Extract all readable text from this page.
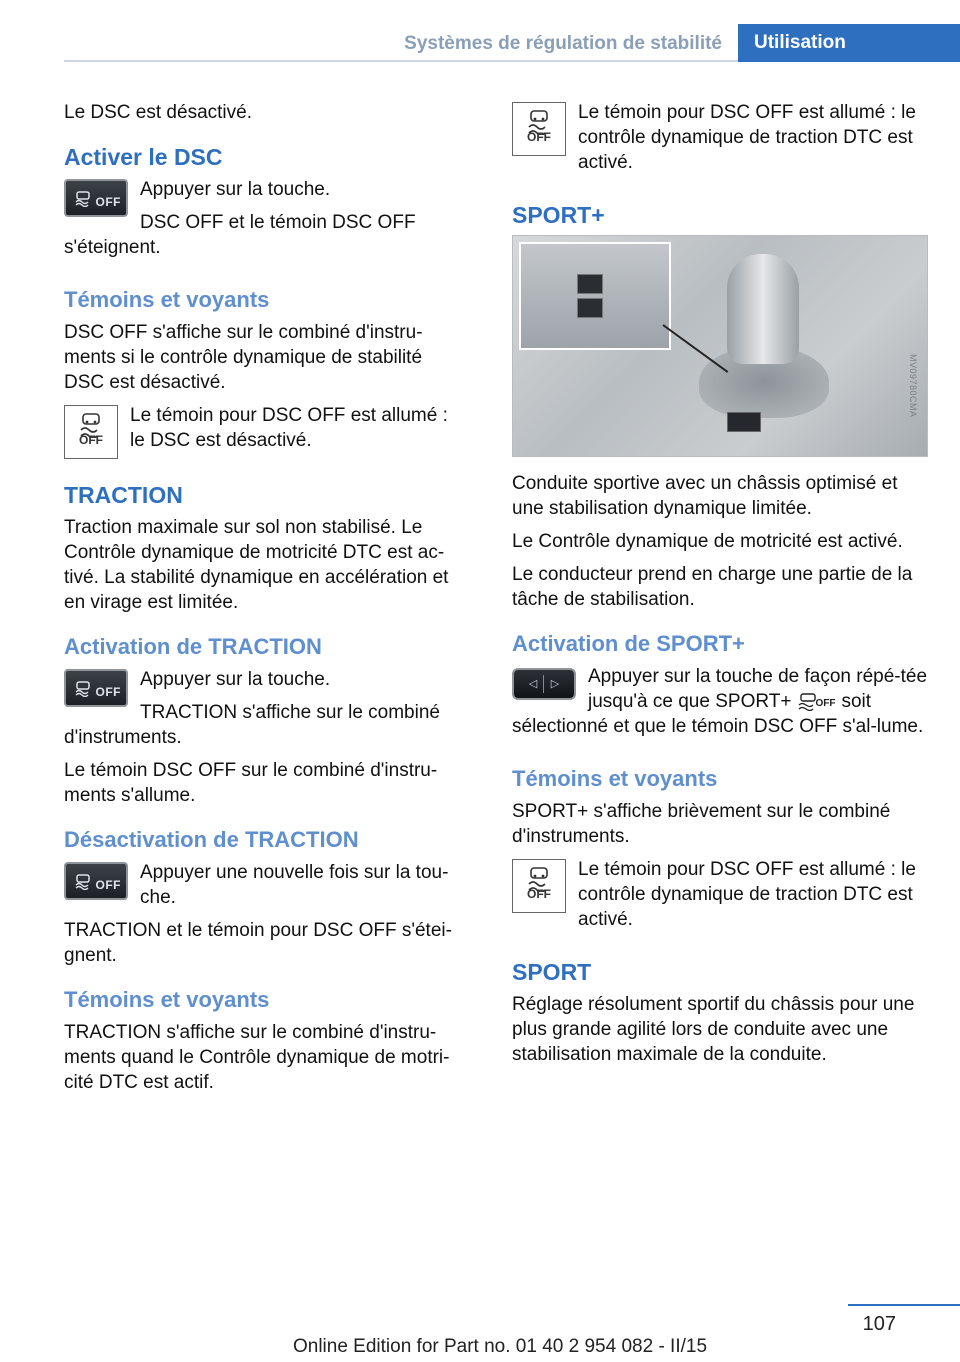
Systèmes de régulation de stabilité	Utilisation

Le DSC est désactivé.

Activer le DSC
OFF

Appuyer sur la touche.

DSC OFF et le témoin DSC OFF s'éteignent.

Témoins et voyants

DSC OFF s'affiche sur le combiné d'instru-ments si le contrôle dynamique de stabilité DSC est désactivé.

OFF

Le témoin pour DSC OFF est allumé : le DSC est désactivé.

TRACTION

Traction maximale sur sol non stabilisé. Le Contrôle dynamique de motricité DTC est ac-tivé. La stabilité dynamique en accélération et en virage est limitée.

Activation de TRACTION
OFF

Appuyer sur la touche.

TRACTION s'affiche sur le combiné d'instruments.

Le témoin DSC OFF sur le combiné d'instru-ments s'allume.

Désactivation de TRACTION
OFF

Appuyer une nouvelle fois sur la tou-che.

TRACTION et le témoin pour DSC OFF s'étei-gnent.

Témoins et voyants

TRACTION s'affiche sur le combiné d'instru-ments quand le Contrôle dynamique de motri-cité DTC est actif.

OFF

Le témoin pour DSC OFF est allumé : le contrôle dynamique de traction DTC est activé.

SPORT+
MV09780CMA

Conduite sportive avec un châssis optimisé et une stabilisation dynamique limitée.

Le Contrôle dynamique de motricité est activé.

Le conducteur prend en charge une partie de la tâche de stabilisation.

Activation de SPORT+
◁ ▷	Appuyer sur la touche de façon répé-tée jusqu'à ce que SPORT+ OFF soit sélectionné et que le témoin DSC OFF s'al-lume.

Témoins et voyants

SPORT+ s'affiche brièvement sur le combiné d'instruments.

OFF

Le témoin pour DSC OFF est allumé : le contrôle dynamique de traction DTC est activé.

SPORT

Réglage résolument sportif du châssis pour une plus grande agilité lors de conduite avec une stabilisation maximale de la conduite.

107
Online Edition for Part no. 01 40 2 954 082 - II/15
